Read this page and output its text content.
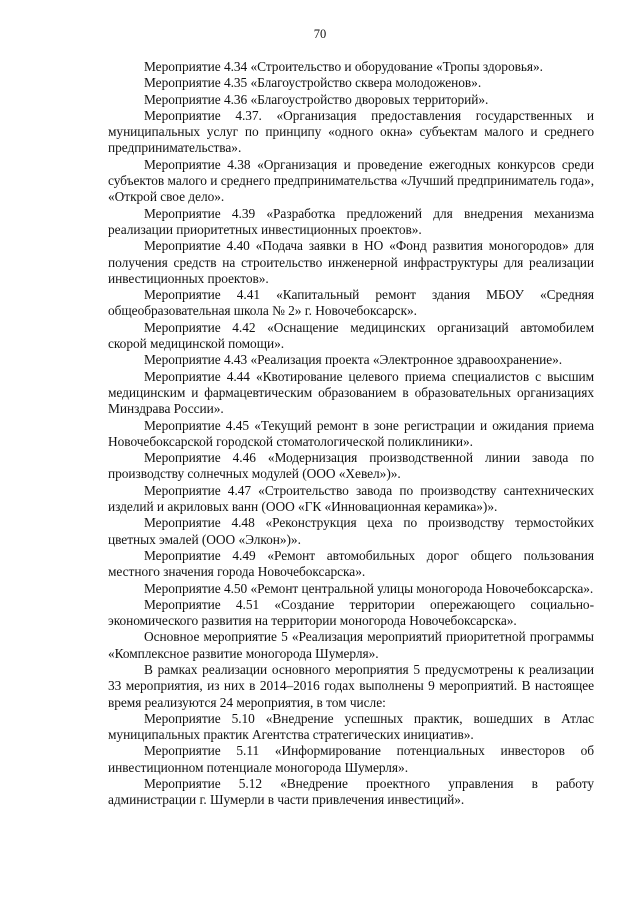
70

Мероприятие 4.34 «Строительство и оборудование «Тропы здоровья».

Мероприятие 4.35 «Благоустройство сквера молодоженов».

Мероприятие 4.36 «Благоустройство дворовых территорий».

Мероприятие 4.37. «Организация предоставления государственных и муниципальных услуг по принципу «одного окна» субъектам малого и среднего предпринимательства».

Мероприятие 4.38 «Организация и проведение ежегодных конкурсов среди субъектов малого и среднего предпринимательства «Лучший предприниматель года», «Открой свое дело».

Мероприятие 4.39 «Разработка предложений для внедрения механизма реализации приоритетных инвестиционных проектов».

Мероприятие 4.40 «Подача заявки в НО «Фонд развития моногородов» для получения средств на строительство инженерной инфраструктуры для реализации инвестиционных проектов».

Мероприятие 4.41 «Капитальный ремонт здания МБОУ «Средняя общеобразовательная школа № 2» г. Новочебоксарск».

Мероприятие 4.42 «Оснащение медицинских организаций автомобилем скорой медицинской помощи».

Мероприятие 4.43 «Реализация проекта «Электронное здравоохранение».

Мероприятие 4.44 «Квотирование целевого приема специалистов с высшим медицинским и фармацевтическим образованием в образовательных организациях Минздрава России».

Мероприятие 4.45 «Текущий ремонт в зоне регистрации и ожидания приема Новочебоксарской городской стоматологической поликлиники».

Мероприятие 4.46 «Модернизация производственной линии завода по производству солнечных модулей (ООО «Хевел»)».

Мероприятие 4.47 «Строительство завода по производству сантехнических изделий и акриловых ванн (ООО «ГК «Инновационная керамика»)».

Мероприятие 4.48 «Реконструкция цеха по производству термостойких цветных эмалей (ООО «Элкон»)».

Мероприятие 4.49 «Ремонт автомобильных дорог общего пользования местного значения города Новочебоксарска».

Мероприятие 4.50 «Ремонт центральной улицы моногорода Новочебоксарска».

Мероприятие 4.51 «Создание территории опережающего социально-экономического развития на территории моногорода Новочебоксарска».

Основное мероприятие 5 «Реализация мероприятий приоритетной программы «Комплексное развитие моногорода Шумерля».

В рамках реализации основного мероприятия 5 предусмотрены к реализации 33 мероприятия, из них в 2014–2016 годах выполнены 9 мероприятий. В настоящее время реализуются 24 мероприятия, в том числе:

Мероприятие 5.10 «Внедрение успешных практик, вошедших в Атлас муниципальных практик Агентства стратегических инициатив».

Мероприятие 5.11 «Информирование потенциальных инвесторов об инвестиционном потенциале моногорода Шумерля».

Мероприятие 5.12 «Внедрение проектного управления в работу администрации г. Шумерли в части привлечения инвестиций».
